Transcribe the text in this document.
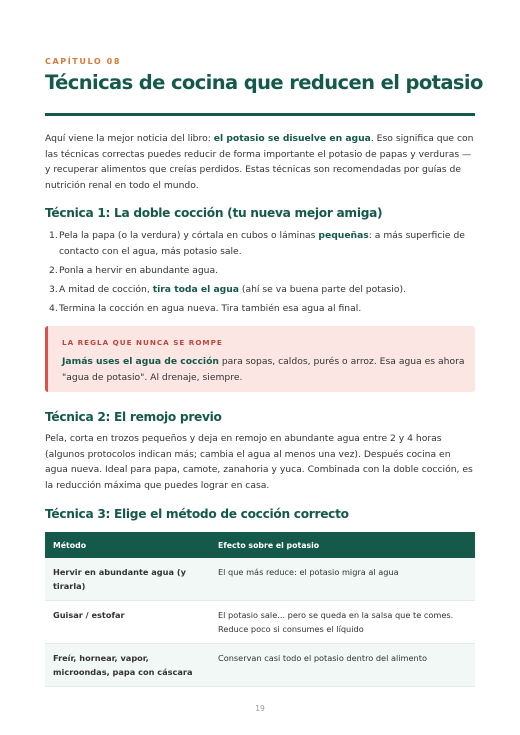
CAPÍTULO 08
Técnicas de cocina que reducen el potasio

Aquí viene la mejor noticia del libro: el potasio se disuelve en agua. Eso significa que con las técnicas correctas puedes reducir de forma importante el potasio de papas y verduras — y recuperar alimentos que creías perdidos. Estas técnicas son recomendadas por guías de nutrición renal en todo el mundo.

Técnica 1: La doble cocción (tu nueva mejor amiga)
1. Pela la papa (o la verdura) y córtala en cubos o láminas pequeñas: a más superficie de contacto con el agua, más potasio sale.
2. Ponla a hervir en abundante agua.
3. A mitad de cocción, tira toda el agua (ahí se va buena parte del potasio).
4. Termina la cocción en agua nueva. Tira también esa agua al final.
LA REGLA QUE NUNCA SE ROMPE

Jamás uses el agua de cocción para sopas, caldos, purés o arroz. Esa agua es ahora "agua de potasio". Al drenaje, siempre.

Técnica 2: El remojo previo

Pela, corta en trozos pequeños y deja en remojo en abundante agua entre 2 y 4 horas (algunos protocolos indican más; cambia el agua al menos una vez). Después cocina en agua nueva. Ideal para papa, camote, zanahoria y yuca. Combinada con la doble cocción, es la reducción máxima que puedes lograr en casa.

Técnica 3: Elige el método de cocción correcto
Método	Efecto sobre el potasio
Hervir en abundante agua (y tirarla)	El que más reduce: el potasio migra al agua
Guisar / estofar	El potasio sale... pero se queda en la salsa que te comes. Reduce poco si consumes el líquido
Freír, hornear, vapor, microondas, papa con cáscara	Conservan casi todo el potasio dentro del alimento
19
